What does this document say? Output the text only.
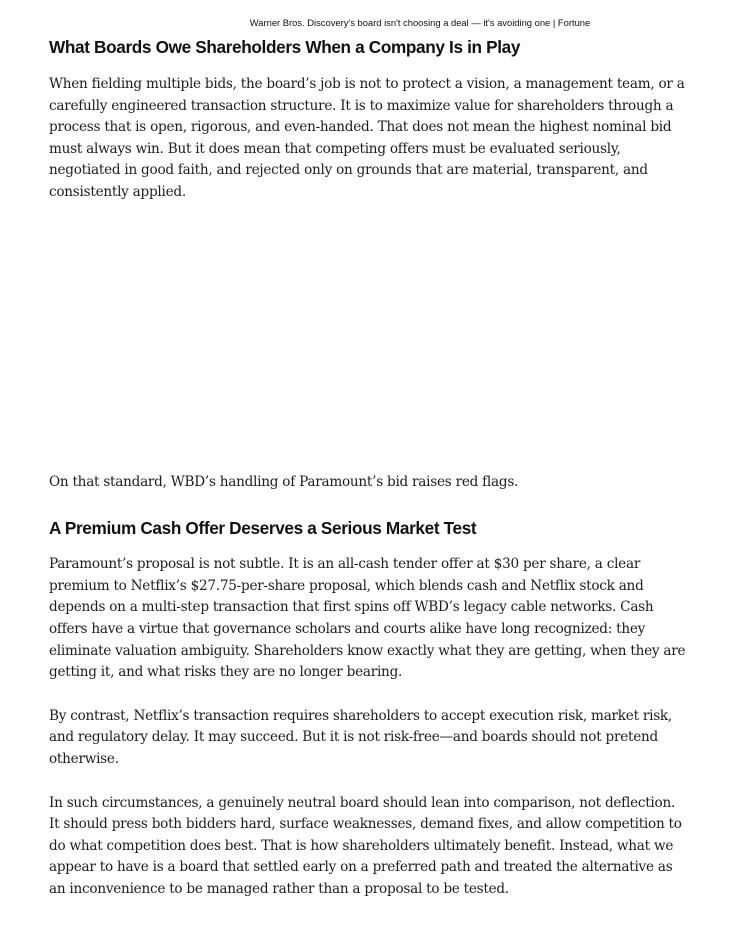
Warner Bros. Discovery's board isn't choosing a deal — it's avoiding one | Fortune
What Boards Owe Shareholders When a Company Is in Play

When fielding multiple bids, the board’s job is not to protect a vision, a management team, or a carefully engineered transaction structure. It is to maximize value for shareholders through a process that is open, rigorous, and even-handed. That does not mean the highest nominal bid must always win. But it does mean that competing offers must be evaluated seriously, negotiated in good faith, and rejected only on grounds that are material, transparent, and consistently applied.

On that standard, WBD’s handling of Paramount’s bid raises red flags.

A Premium Cash Offer Deserves a Serious Market Test

Paramount’s proposal is not subtle. It is an all-cash tender offer at $30 per share, a clear premium to Netflix’s $27.75-per-share proposal, which blends cash and Netflix stock and depends on a multi-step transaction that first spins off WBD’s legacy cable networks. Cash offers have a virtue that governance scholars and courts alike have long recognized: they eliminate valuation ambiguity. Shareholders know exactly what they are getting, when they are getting it, and what risks they are no longer bearing.

By contrast, Netflix’s transaction requires shareholders to accept execution risk, market risk, and regulatory delay. It may succeed. But it is not risk-free—and boards should not pretend otherwise.

In such circumstances, a genuinely neutral board should lean into comparison, not deflection. It should press both bidders hard, surface weaknesses, demand fixes, and allow competition to do what competition does best. That is how shareholders ultimately benefit. Instead, what we appear to have is a board that settled early on a preferred path and treated the alternative as an inconvenience to be managed rather than a proposal to be tested.
